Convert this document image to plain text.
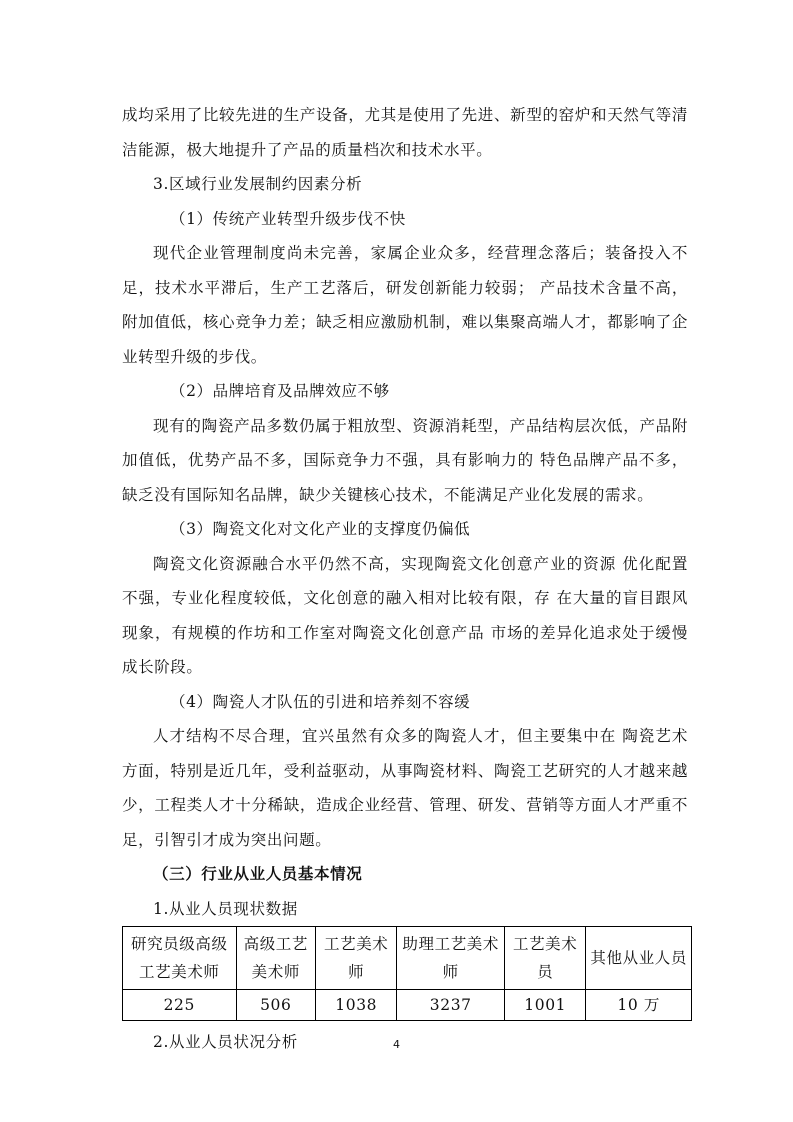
成均采用了比较先进的生产设备，尤其是使用了先进、新型的窑炉和天然气等清洁能源，极大地提升了产品的质量档次和技术水平。

3.区域行业发展制约因素分析

（1）传统产业转型升级步伐不快

现代企业管理制度尚未完善，家属企业众多，经营理念落后；装备投入不足，技术水平滞后，生产工艺落后，研发创新能力较弱； 产品技术含量不高，附加值低，核心竞争力差；缺乏相应激励机制，难以集聚高端人才，都影响了企业转型升级的步伐。

（2）品牌培育及品牌效应不够

现有的陶瓷产品多数仍属于粗放型、资源消耗型，产品结构层次低，产品附加值低，优势产品不多，国际竞争力不强，具有影响力的 特色品牌产品不多，缺乏没有国际知名品牌，缺少关键核心技术，不能满足产业化发展的需求。

（3）陶瓷文化对文化产业的支撑度仍偏低

陶瓷文化资源融合水平仍然不高，实现陶瓷文化创意产业的资源 优化配置不强，专业化程度较低，文化创意的融入相对比较有限，存 在大量的盲目跟风现象，有规模的作坊和工作室对陶瓷文化创意产品 市场的差异化追求处于缓慢成长阶段。

（4）陶瓷人才队伍的引进和培养刻不容缓

人才结构不尽合理，宜兴虽然有众多的陶瓷人才，但主要集中在 陶瓷艺术方面，特别是近几年，受利益驱动，从事陶瓷材料、陶瓷工艺研究的人才越来越少，工程类人才十分稀缺，造成企业经营、管理、研发、营销等方面人才严重不足，引智引才成为突出问题。

（三）行业从业人员基本情况

1.从业人员现状数据

研究员级高级工艺美术师	高级工艺美术师	工艺美术师	助理工艺美术师	工艺美术员	其他从业人员
225	506	1038	3237	1001	10 万

2.从业人员状况分析	4
